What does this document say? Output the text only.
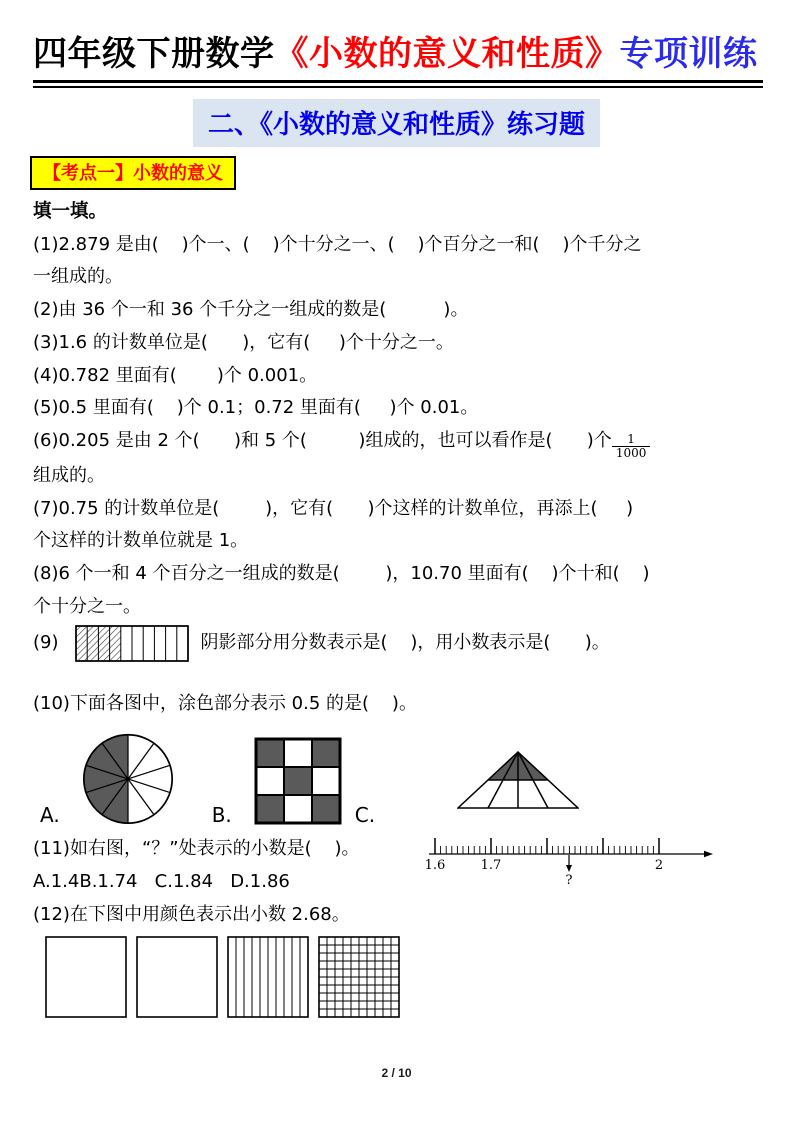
四年级下册数学《小数的意义和性质》专项训练
二、《小数的意义和性质》练习题
【考点一】小数的意义
填一填。
(1)2.879 是由(    )个一、(    )个十分之一、(    )个百分之一和(    )个千分之
一组成的。
(2)由 36 个一和 36 个千分之一组成的数是(          )。
(3)1.6 的计数单位是(      )，它有(     )个十分之一。
(4)0.782 里面有(       )个 0.001。
(5)0.5 里面有(    )个 0.1；0.72 里面有(     )个 0.01。
(6)0.205 是由 2 个(      )和 5 个(         )组成的，也可以看作是(      )个 $\frac{1}{1000}$
组成的。
(7)0.75 的计数单位是(        )，它有(      )个这样的计数单位，再添上(     )
个这样的计数单位就是 1。
(8)6 个一和 4 个百分之一组成的数是(        )，10.70 里面有(    )个十和(    )
个十分之一。
(9)	阴影部分用分数表示是(    )，用小数表示是(      )。
(10)下面各图中，涂色部分表示 0.5 的是(    )。
A.	B.	C.
(11)如右图，“？”处表示的小数是(    )。
A.1.4B.1.74   C.1.84   D.1.86
1.6	1.7	2
?
(12)在下图中用颜色表示出小数 2.68。
2 / 10
